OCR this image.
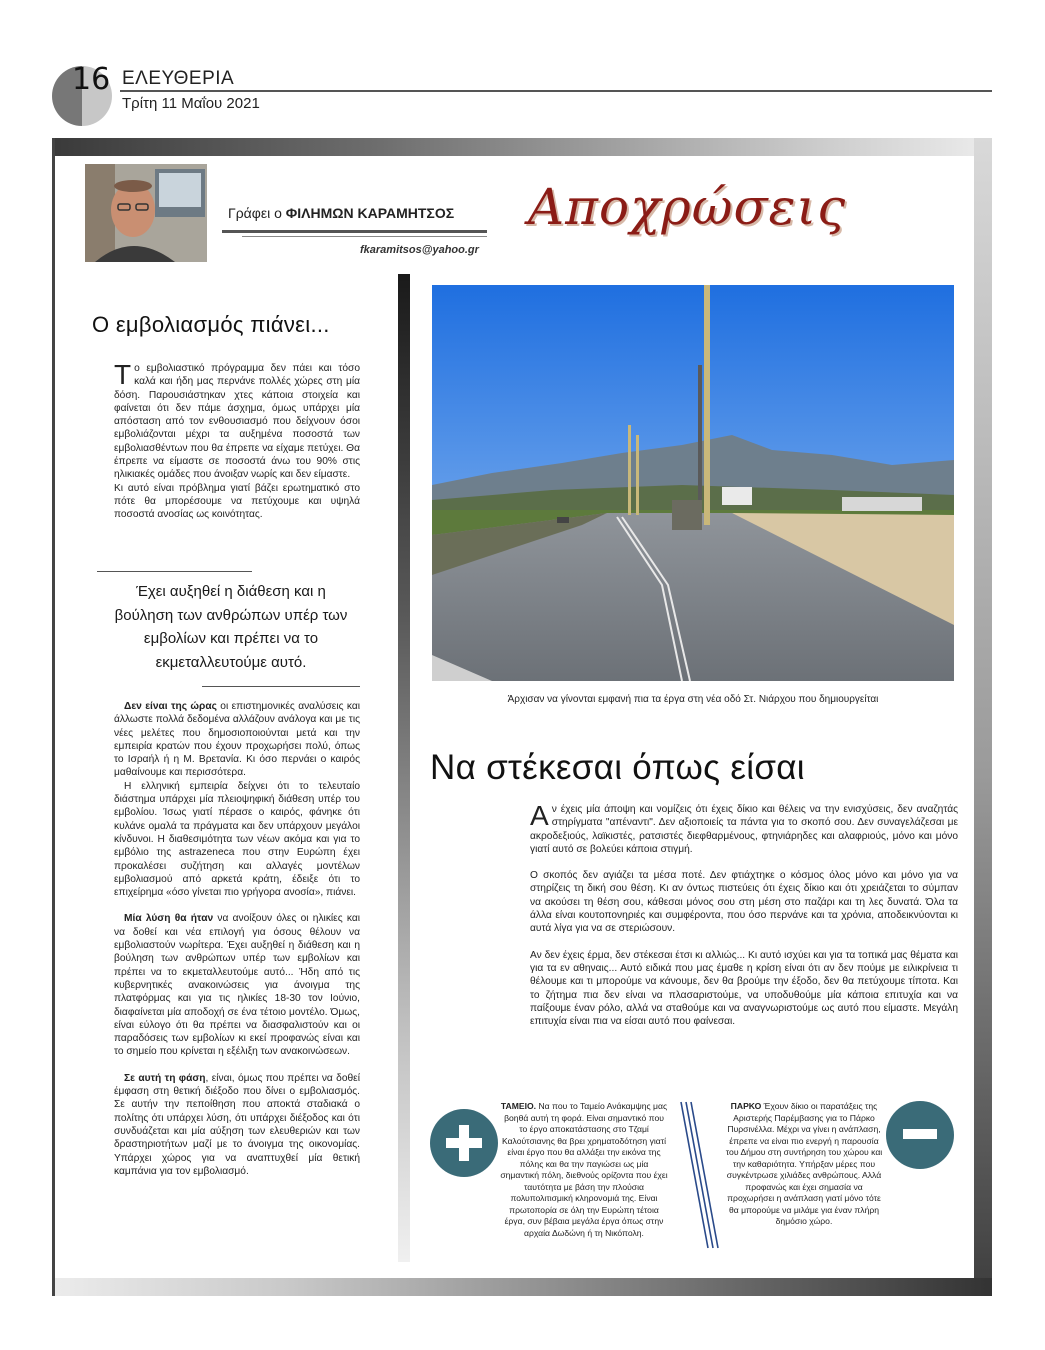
16 ΕΛΕΥΘΕΡΙΑ
Τρίτη 11 Μαΐου 2021
Γράφει ο ΦΙΛΗΜΩΝ ΚΑΡΑΜΗΤΣΟΣ
fkaramitsos@yahoo.gr
Αποχρώσεις
Ο εμβολιασμός πιάνει...

Το εμβολιαστικό πρόγραμμα δεν πάει και τόσο καλά και ήδη μας περνάνε πολλές χώρες στη μία δόση. Παρουσιάστηκαν χτες κάποια στοιχεία και φαίνεται ότι δεν πάμε άσχημα, όμως υπάρχει μία απόσταση από τον ενθουσιασμό που δείχνουν όσοι εμβολιάζονται μέχρι τα αυξημένα ποσοστά των εμβολιασθέντων που θα έπρεπε να είχαμε πετύχει. Θα έπρεπε να είμαστε σε ποσοστά άνω του 90% στις ηλικιακές ομάδες που άνοιξαν νωρίς και δεν είμαστε.

Κι αυτό είναι πρόβλημα γιατί βάζει ερωτηματικό στο πότε θα μπορέσουμε να πετύχουμε και υψηλά ποσοστά ανοσίας ως κοινότητας.

Έχει αυξηθεί η διάθεση και η βούληση των ανθρώπων υπέρ των εμβολίων και πρέπει να το εκμεταλλευτούμε αυτό.

Δεν είναι της ώρας οι επιστημονικές αναλύσεις και άλλωστε πολλά δεδομένα αλλάζουν ανάλογα και με τις νέες μελέτες που δημοσιοποιούνται μετά και την εμπειρία κρατών που έχουν προχωρήσει πολύ, όπως το Ισραήλ ή η Μ. Βρετανία. Κι όσο περνάει ο καιρός μαθαίνουμε και περισσότερα.

Η ελληνική εμπειρία δείχνει ότι το τελευταίο διάστημα υπάρχει μία πλειοψηφική διάθεση υπέρ του εμβολίου. Ίσως γιατί πέρασε ο καιρός, φάνηκε ότι κυλάνε ομαλά τα πράγματα και δεν υπάρχουν μεγάλοι κίνδυνοι. Η διαθεσιμότητα των νέων ακόμα και για το εμβόλιο της astrazeneca που στην Ευρώπη έχει προκαλέσει συζήτηση και αλλαγές μοντέλων εμβολιασμού από αρκετά κράτη, έδειξε ότι το επιχείρημα «όσο γίνεται πιο γρήγορα ανοσία», πιάνει.

Μία λύση θα ήταν να ανοίξουν όλες οι ηλικίες και να δοθεί και νέα επιλογή για όσους θέλουν να εμβολιαστούν νωρίτερα. Έχει αυξηθεί η διάθεση και η βούληση των ανθρώπων υπέρ των εμβολίων και πρέπει να το εκμεταλλευτούμε αυτό... Ήδη από τις κυβερνητικές ανακοινώσεις για άνοιγμα της πλατφόρμας και για τις ηλικίες 18-30 τον Ιούνιο, διαφαίνεται μία αποδοχή σε ένα τέτοιο μοντέλο. Όμως, είναι εύλογο ότι θα πρέπει να διασφαλιστούν και οι παραδόσεις των εμβολίων κι εκεί προφανώς είναι και το σημείο που κρίνεται η εξέλιξη των ανακοινώσεων.

Σε αυτή τη φάση, είναι, όμως που πρέπει να δοθεί έμφαση στη θετική διέξοδο που δίνει ο εμβολιασμός. Σε αυτήν την πεποίθηση που αποκτά σταδιακά ο πολίτης ότι υπάρχει λύση, ότι υπάρχει διέξοδος και ότι συνδυάζεται και μία αύξηση των ελευθεριών και των δραστηριοτήτων μαζί με το άνοιγμα της οικονομίας. Υπάρχει χώρος για να αναπτυχθεί μία θετική καμπάνια για τον εμβολιασμό.

Άρχισαν να γίνονται εμφανή πια τα έργα στη νέα οδό Στ. Νιάρχου που δημιουργείται
Να στέκεσαι όπως είσαι

Αν έχεις μία άποψη και νομίζεις ότι έχεις δίκιο και θέλεις να την ενισχύσεις, δεν αναζητάς στηρίγματα "απέναντι". Δεν αξιοποιείς τα πάντα για το σκοπό σου. Δεν συναγελάζεσαι με ακροδεξιούς, λαϊκιστές, ρατσιστές διεφθαρμένους, φτηνιάρηδες και αλαφριούς, μόνο και μόνο γιατί αυτό σε βολεύει κάποια στιγμή.

Ο σκοπός δεν αγιάζει τα μέσα ποτέ. Δεν φτιάχτηκε ο κόσμος όλος μόνο και μόνο για να στηρίζεις τη δική σου θέση. Κι αν όντως πιστεύεις ότι έχεις δίκιο και ότι χρειάζεται το σύμπαν να ακούσει τη θέση σου, κάθεσαι μόνος σου στη μέση στο παζάρι και τη λες δυνατά. Όλα τα άλλα είναι κουτοπονηριές και συμφέροντα, που όσο περνάνε και τα χρόνια, αποδεικνύονται κι αυτά λίγα για να σε στεριώσουν.

Αν δεν έχεις έρμα, δεν στέκεσαι έτσι κι αλλιώς... Κι αυτό ισχύει και για τα τοπικά μας θέματα και για τα εν αθηναις... Αυτό ειδικά που μας έμαθε η κρίση είναι ότι αν δεν πούμε με ειλικρίνεια τι θέλουμε και τι μπορούμε να κάνουμε, δεν θα βρούμε την έξοδο, δεν θα πετύχουμε τίποτα. Και το ζήτημα πια δεν είναι να πλασαριστούμε, να υποδυθούμε μία κάποια επιτυχία και να παίξουμε έναν ρόλο, αλλά να σταθούμε και να αναγνωριστούμε ως αυτό που είμαστε. Μεγάλη επιτυχία είναι πια να είσαι αυτό που φαίνεσαι.

ΤΑΜΕΙΟ. Να που το Ταμείο Ανάκαμψης μας βοηθά αυτή τη φορά. Είναι σημαντικό που το έργο αποκατάστασης στο Τζαμί Καλούτσιανης θα βρει χρηματοδότηση γιατί είναι έργο που θα αλλάξει την εικόνα της πόλης και θα την παγιώσει ως μία σημαντική πόλη, διεθνούς ορίζοντα που έχει ταυτότητα με βάση την πλούσια πολυπολιτισμική κληρονομιά της. Είναι πρωτοπορία σε όλη την Ευρώπη τέτοια έργα, συν βέβαια μεγάλα έργα όπως στην αρχαία Δωδώνη ή τη Νικόπολη.
ΠΑΡΚΟ Έχουν δίκιο οι παρατάξεις της Αριστερής Παρέμβασης για το Πάρκο Πυρσινέλλα. Μέχρι να γίνει η ανάπλαση, έπρεπε να είναι πιο ενεργή η παρουσία του Δήμου στη συντήρηση του χώρου και την καθαριότητα. Υπήρξαν μέρες που συγκέντρωσε χιλιάδες ανθρώπους. Αλλά προφανώς και έχει σημασία να προχωρήσει η ανάπλαση γιατί μόνο τότε θα μπορούμε να μιλάμε για έναν πλήρη δημόσιο χώρο.
